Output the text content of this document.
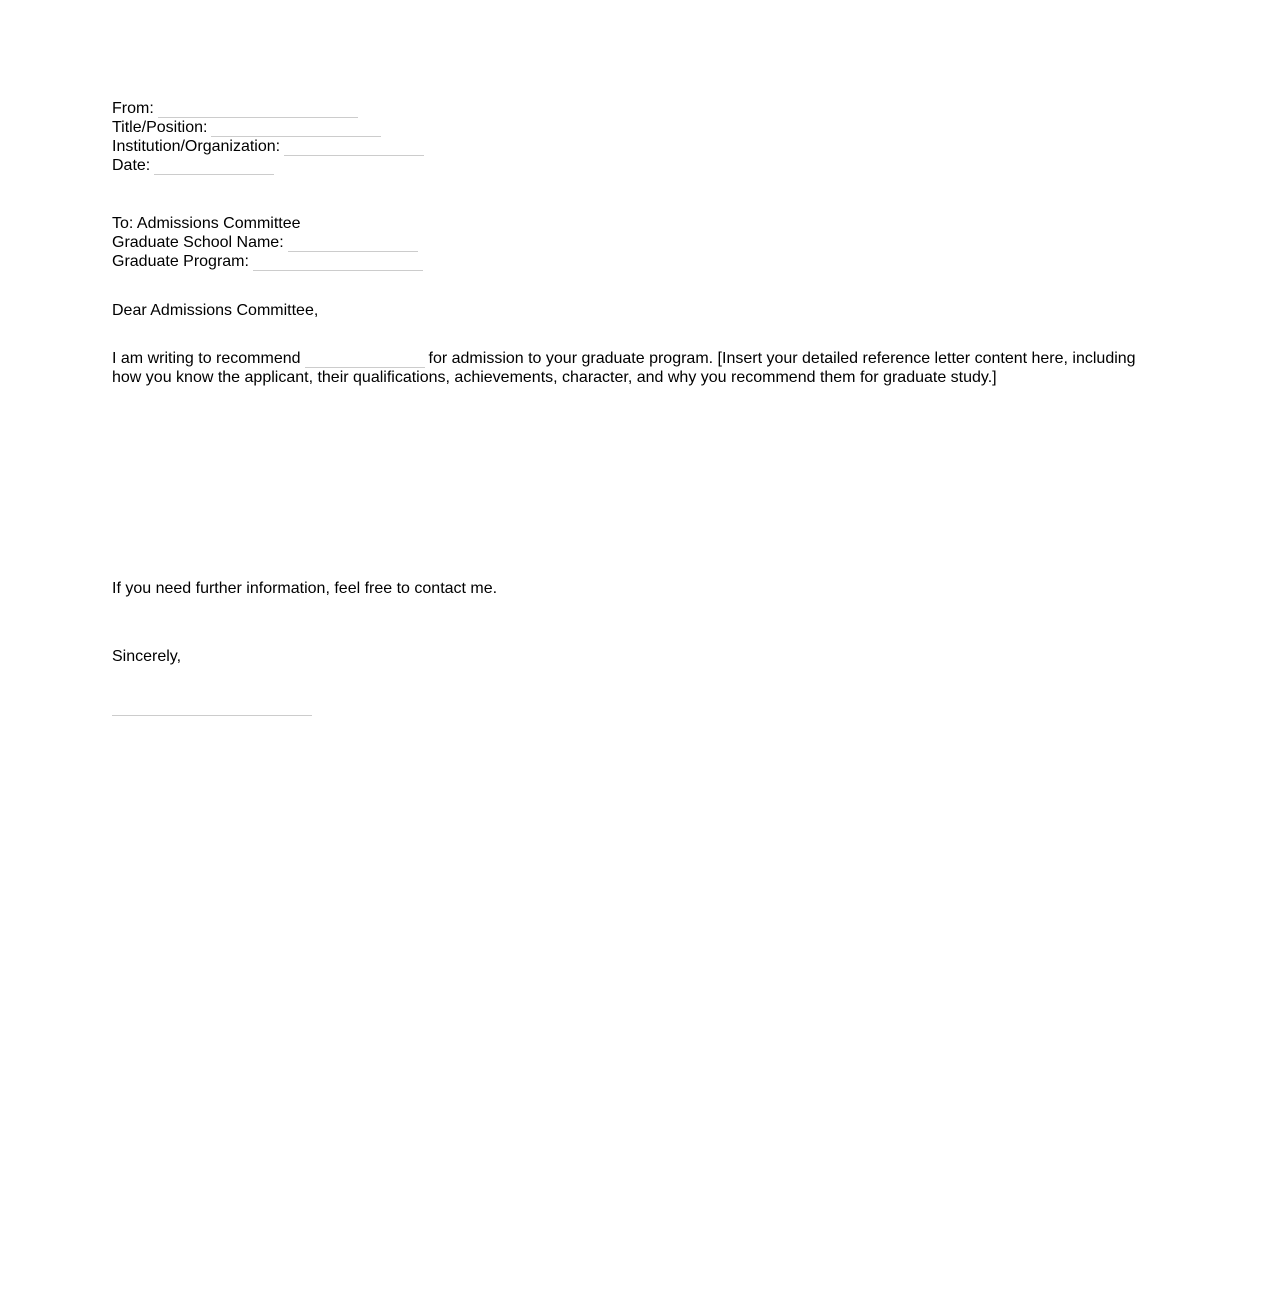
From:
Title/Position:
Institution/Organization:
Date:
To: Admissions Committee
Graduate School Name:
Graduate Program:
Dear Admissions Committee,
I am writing to recommend	for admission to your graduate program. [Insert your detailed reference letter content here, including how you know the applicant, their qualifications, achievements, character, and why you recommend them for graduate study.]
If you need further information, feel free to contact me.
Sincerely,
